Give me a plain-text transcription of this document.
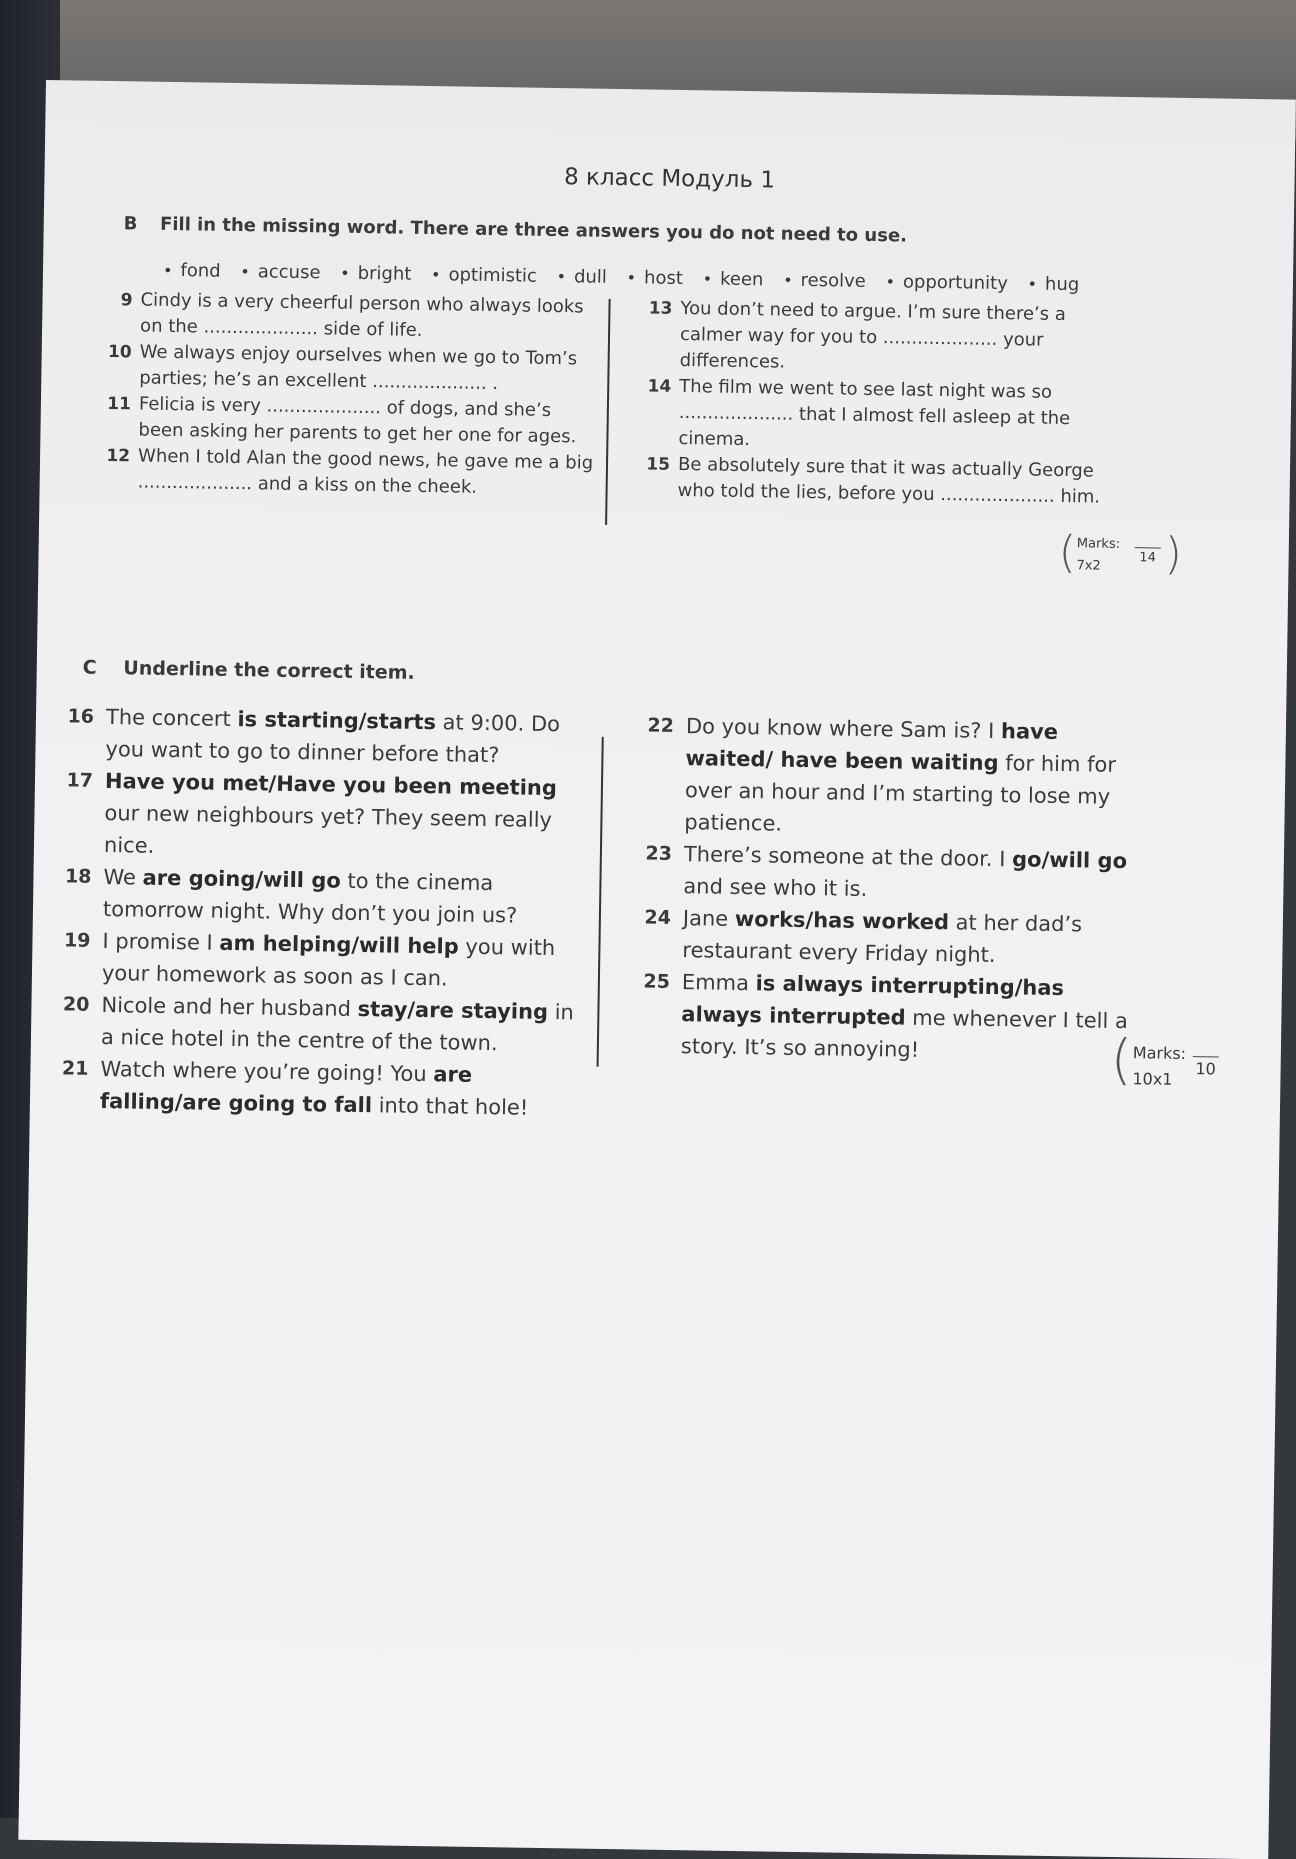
8 класс Модуль 1
B Fill in the missing word. There are three answers you do not need to use.
• fond • accuse • bright • optimistic • dull • host • keen • resolve • opportunity • hug
9 Cindy is a very cheerful person who always looks on the .................... side of life.
10 We always enjoy ourselves when we go to Tom’s parties; he’s an excellent .................... .
11 Felicia is very .................... of dogs, and she’s been asking her parents to get her one for ages.
12 When I told Alan the good news, he gave me a big .................... and a kiss on the cheek.
13 You don’t need to argue. I’m sure there’s a calmer way for you to .................... your differences.
14 The film we went to see last night was so .................... that I almost fell asleep at the cinema.
15 Be absolutely sure that it was actually George who told the lies, before you .................... him.
( Marks:
7x2
14 )
C Underline the correct item.
16 The concert is starting/starts at 9:00. Do you want to go to dinner before that?
17 Have you met/Have you been meeting our new neighbours yet? They seem really nice.
18 We are going/will go to the cinema tomorrow night. Why don’t you join us?
19 I promise I am helping/will help you with your homework as soon as I can.
20 Nicole and her husband stay/are staying in a nice hotel in the centre of the town.
21 Watch where you’re going! You are falling/are going to fall into that hole!
22 Do you know where Sam is? I have waited/ have been waiting for him for over an hour and I’m starting to lose my patience.
23 There’s someone at the door. I go/will go and see who it is.
24 Jane works/has worked at her dad’s restaurant every Friday night.
25 Emma is always interrupting/has always interrupted me whenever I tell a story. It’s so annoying!	( Marks:
10x1
10
